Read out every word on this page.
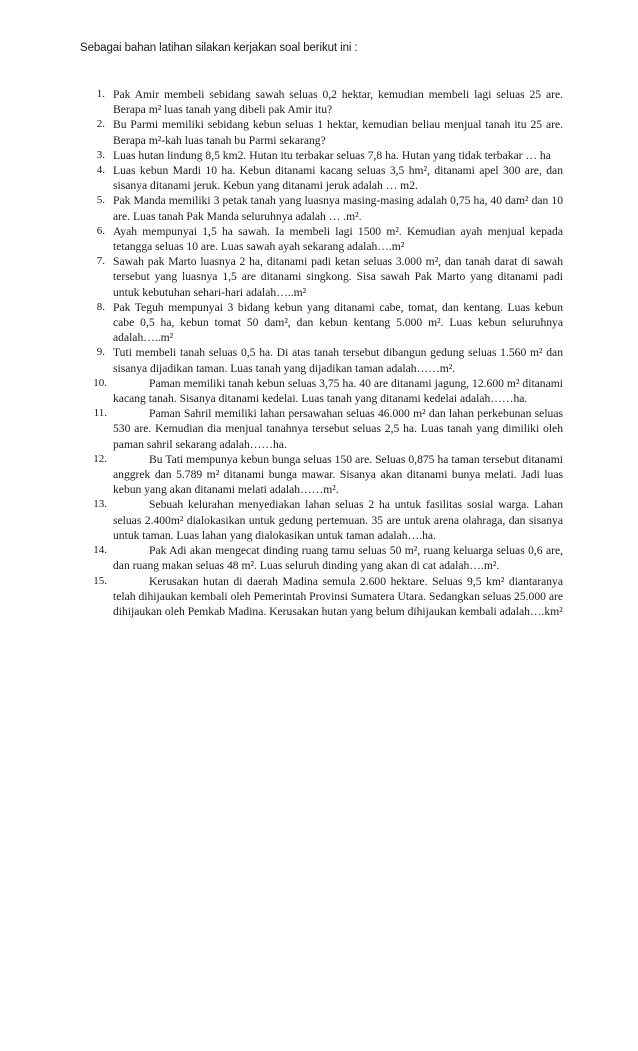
Sebagai bahan latihan silakan kerjakan soal berikut ini :
1. Pak Amir membeli sebidang sawah seluas 0,2 hektar, kemudian membeli lagi seluas 25 are. Berapa m² luas tanah yang dibeli pak Amir itu?
2. Bu Parmi memiliki sebidang kebun seluas 1 hektar, kemudian beliau menjual tanah itu 25 are. Berapa m²-kah luas tanah bu Parmi sekarang?
3. Luas hutan lindung 8,5 km2. Hutan itu terbakar seluas 7,8 ha. Hutan yang tidak terbakar … ha
4. Luas kebun Mardi 10 ha. Kebun ditanami kacang seluas 3,5 hm², ditanami apel 300 are, dan sisanya ditanami jeruk. Kebun yang ditanami jeruk adalah … m2.
5. Pak Manda memiliki 3 petak tanah yang luasnya masing-masing adalah 0,75 ha, 40 dam² dan 10 are. Luas tanah Pak Manda seluruhnya adalah … .m².
6. Ayah mempunyai 1,5 ha sawah. Ia membeli lagi 1500 m². Kemudian ayah menjual kepada tetangga seluas 10 are. Luas sawah ayah sekarang adalah….m²
7. Sawah pak Marto luasnya 2 ha, ditanami padi ketan seluas 3.000 m², dan tanah darat di sawah tersebut yang luasnya 1,5 are ditanami singkong. Sisa sawah Pak Marto yang ditanami padi untuk kebutuhan sehari-hari adalah…..m²
8. Pak Teguh mempunyai 3 bidang kebun yang ditanami cabe, tomat, dan kentang. Luas kebun cabe 0,5 ha, kebun tomat 50 dam², dan kebun kentang 5.000 m². Luas kebun seluruhnya adalah…..m²
9. Tuti membeli tanah seluas 0,5 ha. Di atas tanah tersebut dibangun gedung seluas 1.560 m² dan sisanya dijadikan taman. Luas tanah yang dijadikan taman adalah……m².
10.	Paman memiliki tanah kebun seluas 3,75 ha. 40 are ditanami jagung, 12.600 m² ditanami kacang tanah. Sisanya ditanami kedelai. Luas tanah yang ditanami kedelai adalah……ha.
11.	Paman Sahril memiliki lahan persawahan seluas 46.000 m² dan lahan perkebunan seluas 530 are. Kemudian dia menjual tanahnya tersebut seluas 2,5 ha. Luas tanah yang dimiliki oleh paman sahril sekarang adalah……ha.
12.	Bu Tati mempunya kebun bunga seluas 150 are. Seluas 0,875 ha taman tersebut ditanami anggrek dan 5.789 m² ditanami bunga mawar. Sisanya akan ditanami bunya melati. Jadi luas kebun yang akan ditanami melati adalah……m².
13.	Sebuah kelurahan menyediakan lahan seluas 2 ha untuk fasilitas sosial warga. Lahan seluas 2.400m² dialokasikan untuk gedung pertemuan. 35 are untuk arena olahraga, dan sisanya untuk taman. Luas lahan yang dialokasikan untuk taman adalah….ha.
14.	Pak Adi akan mengecat dinding ruang tamu seluas 50 m², ruang keluarga seluas 0,6 are, dan ruang makan seluas 48 m². Luas seluruh dinding yang akan di cat adalah….m².
15.	Kerusakan hutan di daerah Madina semula 2.600 hektare. Seluas 9,5 km² diantaranya telah dihijaukan kembali oleh Pemerintah Provinsi Sumatera Utara. Sedangkan seluas 25.000 are dihijaukan oleh Pemkab Madina. Kerusakan hutan yang belum dihijaukan kembali adalah….km²
